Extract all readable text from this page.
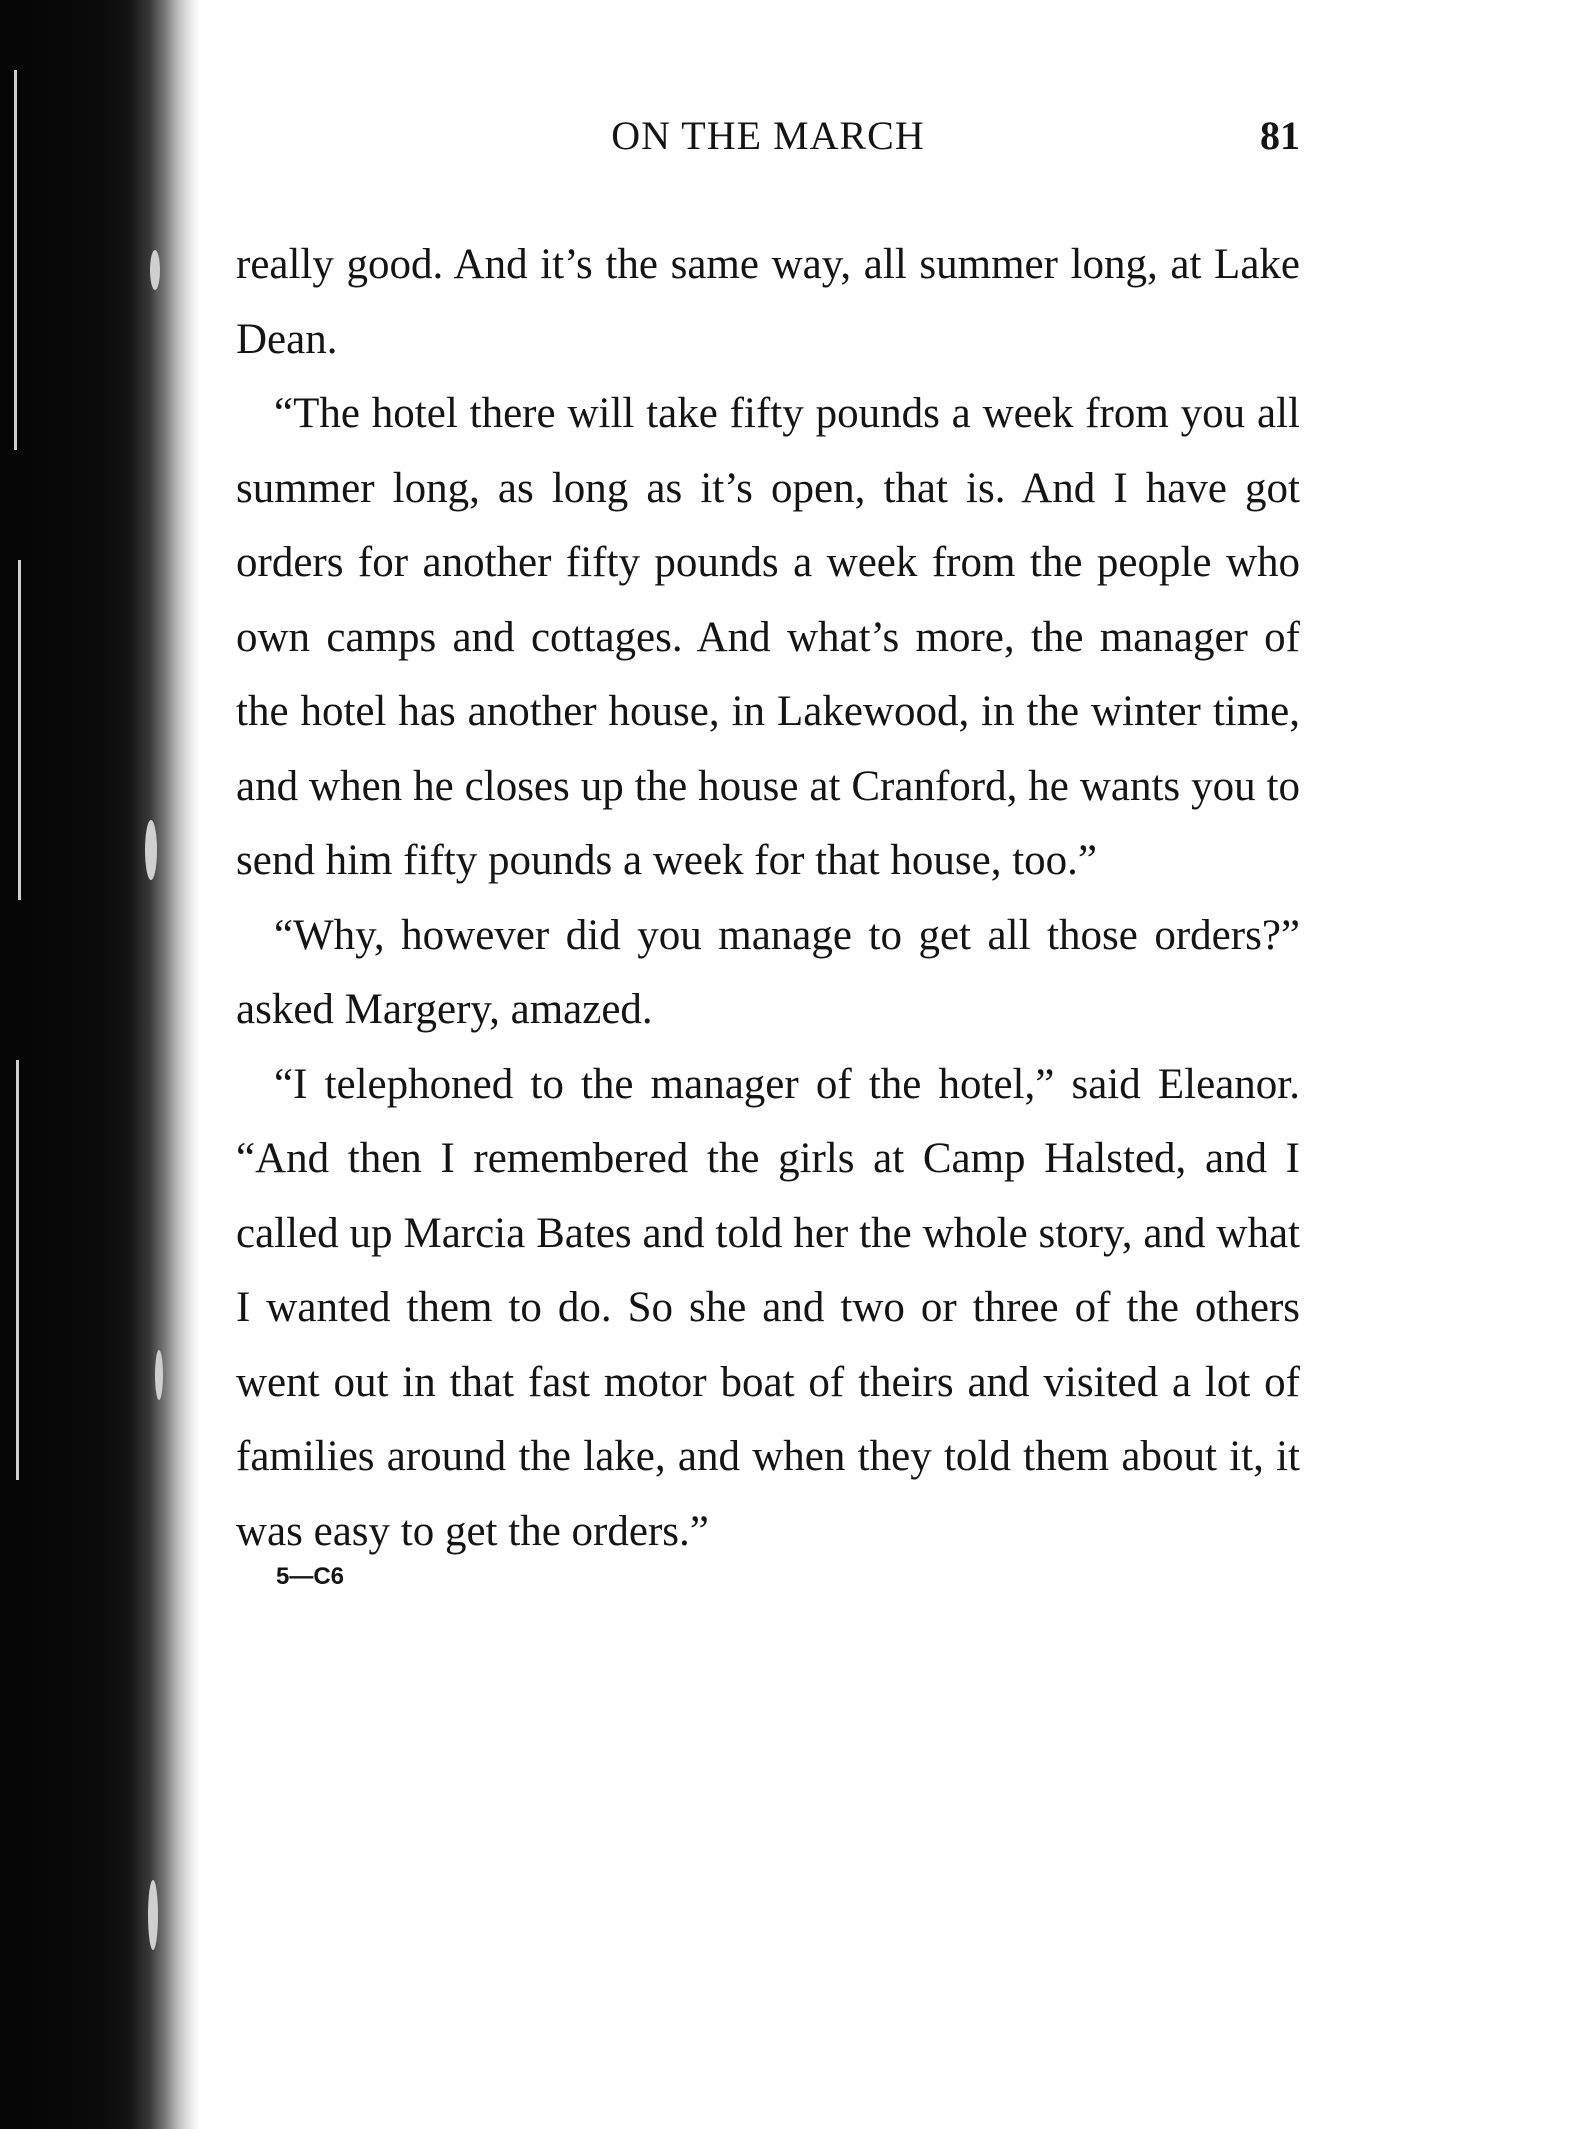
ON THE MARCH	81

really good. And it’s the same way, all summer long, at Lake Dean.

“The hotel there will take fifty pounds a week from you all summer long, as long as it’s open, that is. And I have got orders for another fifty pounds a week from the people who own camps and cottages. And what’s more, the manager of the hotel has another house, in Lakewood, in the winter time, and when he closes up the house at Cranford, he wants you to send him fifty pounds a week for that house, too.”

“Why, however did you manage to get all those orders?” asked Margery, amazed.

“I telephoned to the manager of the hotel,” said Eleanor. “And then I remembered the girls at Camp Halsted, and I called up Marcia Bates and told her the whole story, and what I wanted them to do. So she and two or three of the others went out in that fast motor boat of theirs and visited a lot of families around the lake, and when they told them about it, it was easy to get the orders.”

5—C6
